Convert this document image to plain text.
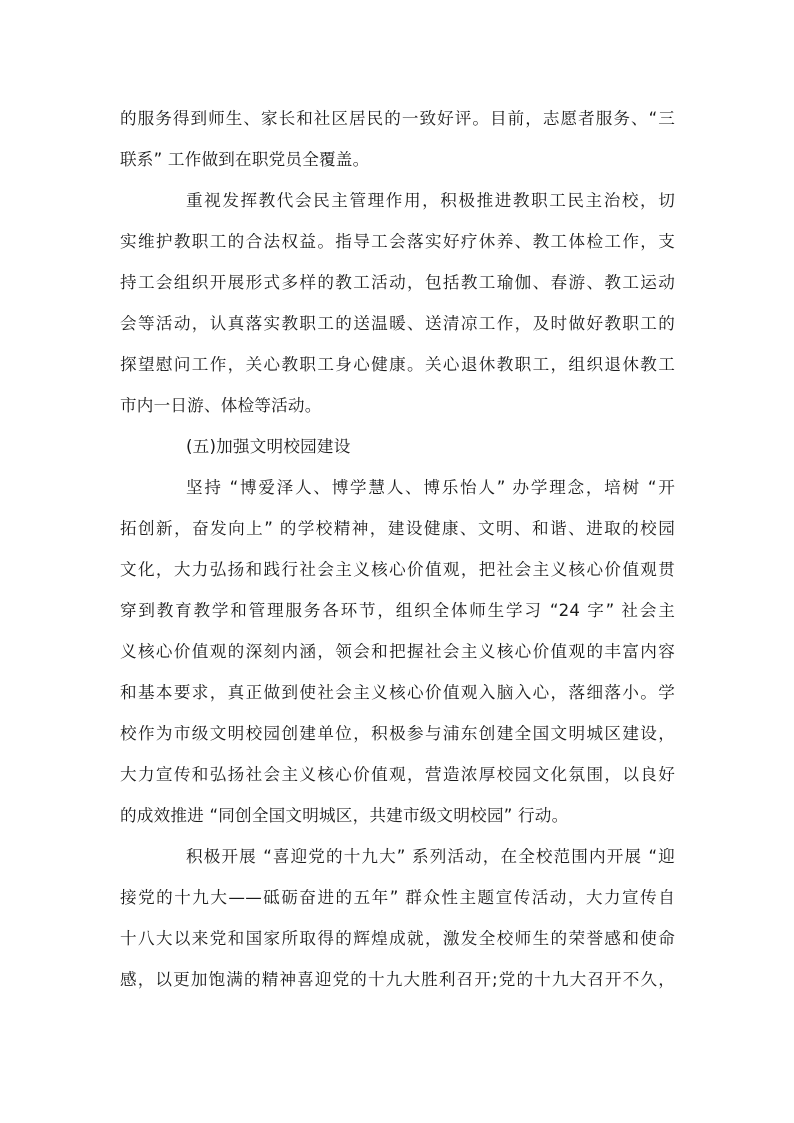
的服务得到师生、家长和社区居民的一致好评。目前，志愿者服务、“三
联系” 工作做到在职党员全覆盖。
重视发挥教代会民主管理作用，积极推进教职工民主治校，切
实维护教职工的合法权益。指导工会落实好疗休养、教工体检工作，支
持工会组织开展形式多样的教工活动，包括教工瑜伽、春游、教工运动
会等活动，认真落实教职工的送温暖、送清凉工作，及时做好教职工的
探望慰问工作，关心教职工身心健康。关心退休教职工，组织退休教工
市内一日游、体检等活动。
(五)加强文明校园建设
坚持 “博爱泽人、博学慧人、博乐怡人” 办学理念，培树 “开
拓创新，奋发向上” 的学校精神，建设健康、文明、和谐、进取的校园
文化，大力弘扬和践行社会主义核心价值观，把社会主义核心价值观贯
穿到教育教学和管理服务各环节，组织全体师生学习 “24 字” 社会主
义核心价值观的深刻内涵，领会和把握社会主义核心价值观的丰富内容
和基本要求，真正做到使社会主义核心价值观入脑入心，落细落小。学
校作为市级文明校园创建单位，积极参与浦东创建全国文明城区建设，
大力宣传和弘扬社会主义核心价值观，营造浓厚校园文化氛围，以良好
的成效推进 “同创全国文明城区，共建市级文明校园” 行动。
积极开展 “喜迎党的十九大” 系列活动，在全校范围内开展 “迎
接党的十九大——砥砺奋进的五年” 群众性主题宣传活动，大力宣传自
十八大以来党和国家所取得的辉煌成就，激发全校师生的荣誉感和使命
感，以更加饱满的精神喜迎党的十九大胜利召开;党的十九大召开不久，
